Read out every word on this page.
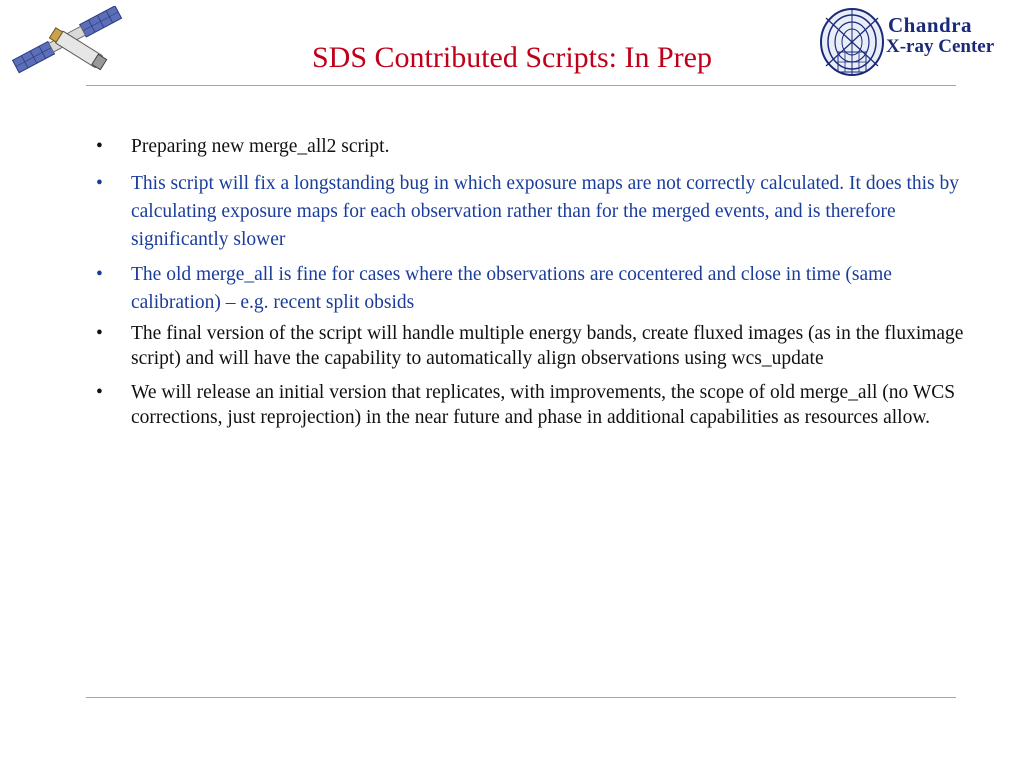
SDS Contributed Scripts: In Prep
Chandra
X-ray Center
• Preparing new merge_all2 script.
• This script will fix a longstanding bug in which exposure maps are not correctly calculated. It does this by calculating exposure maps for each observation rather than for the merged events, and is therefore significantly slower
• The old merge_all is fine for cases where the observations are cocentered and close in time (same calibration) – e.g. recent split obsids
• The final version of the script will handle multiple energy bands, create fluxed images (as in the fluximage script) and will have the capability to automatically align observations using wcs_update
• We will release an initial version that replicates, with improvements, the scope of old merge_all (no WCS corrections, just reprojection) in the near future and phase in additional capabilities as resources allow.
